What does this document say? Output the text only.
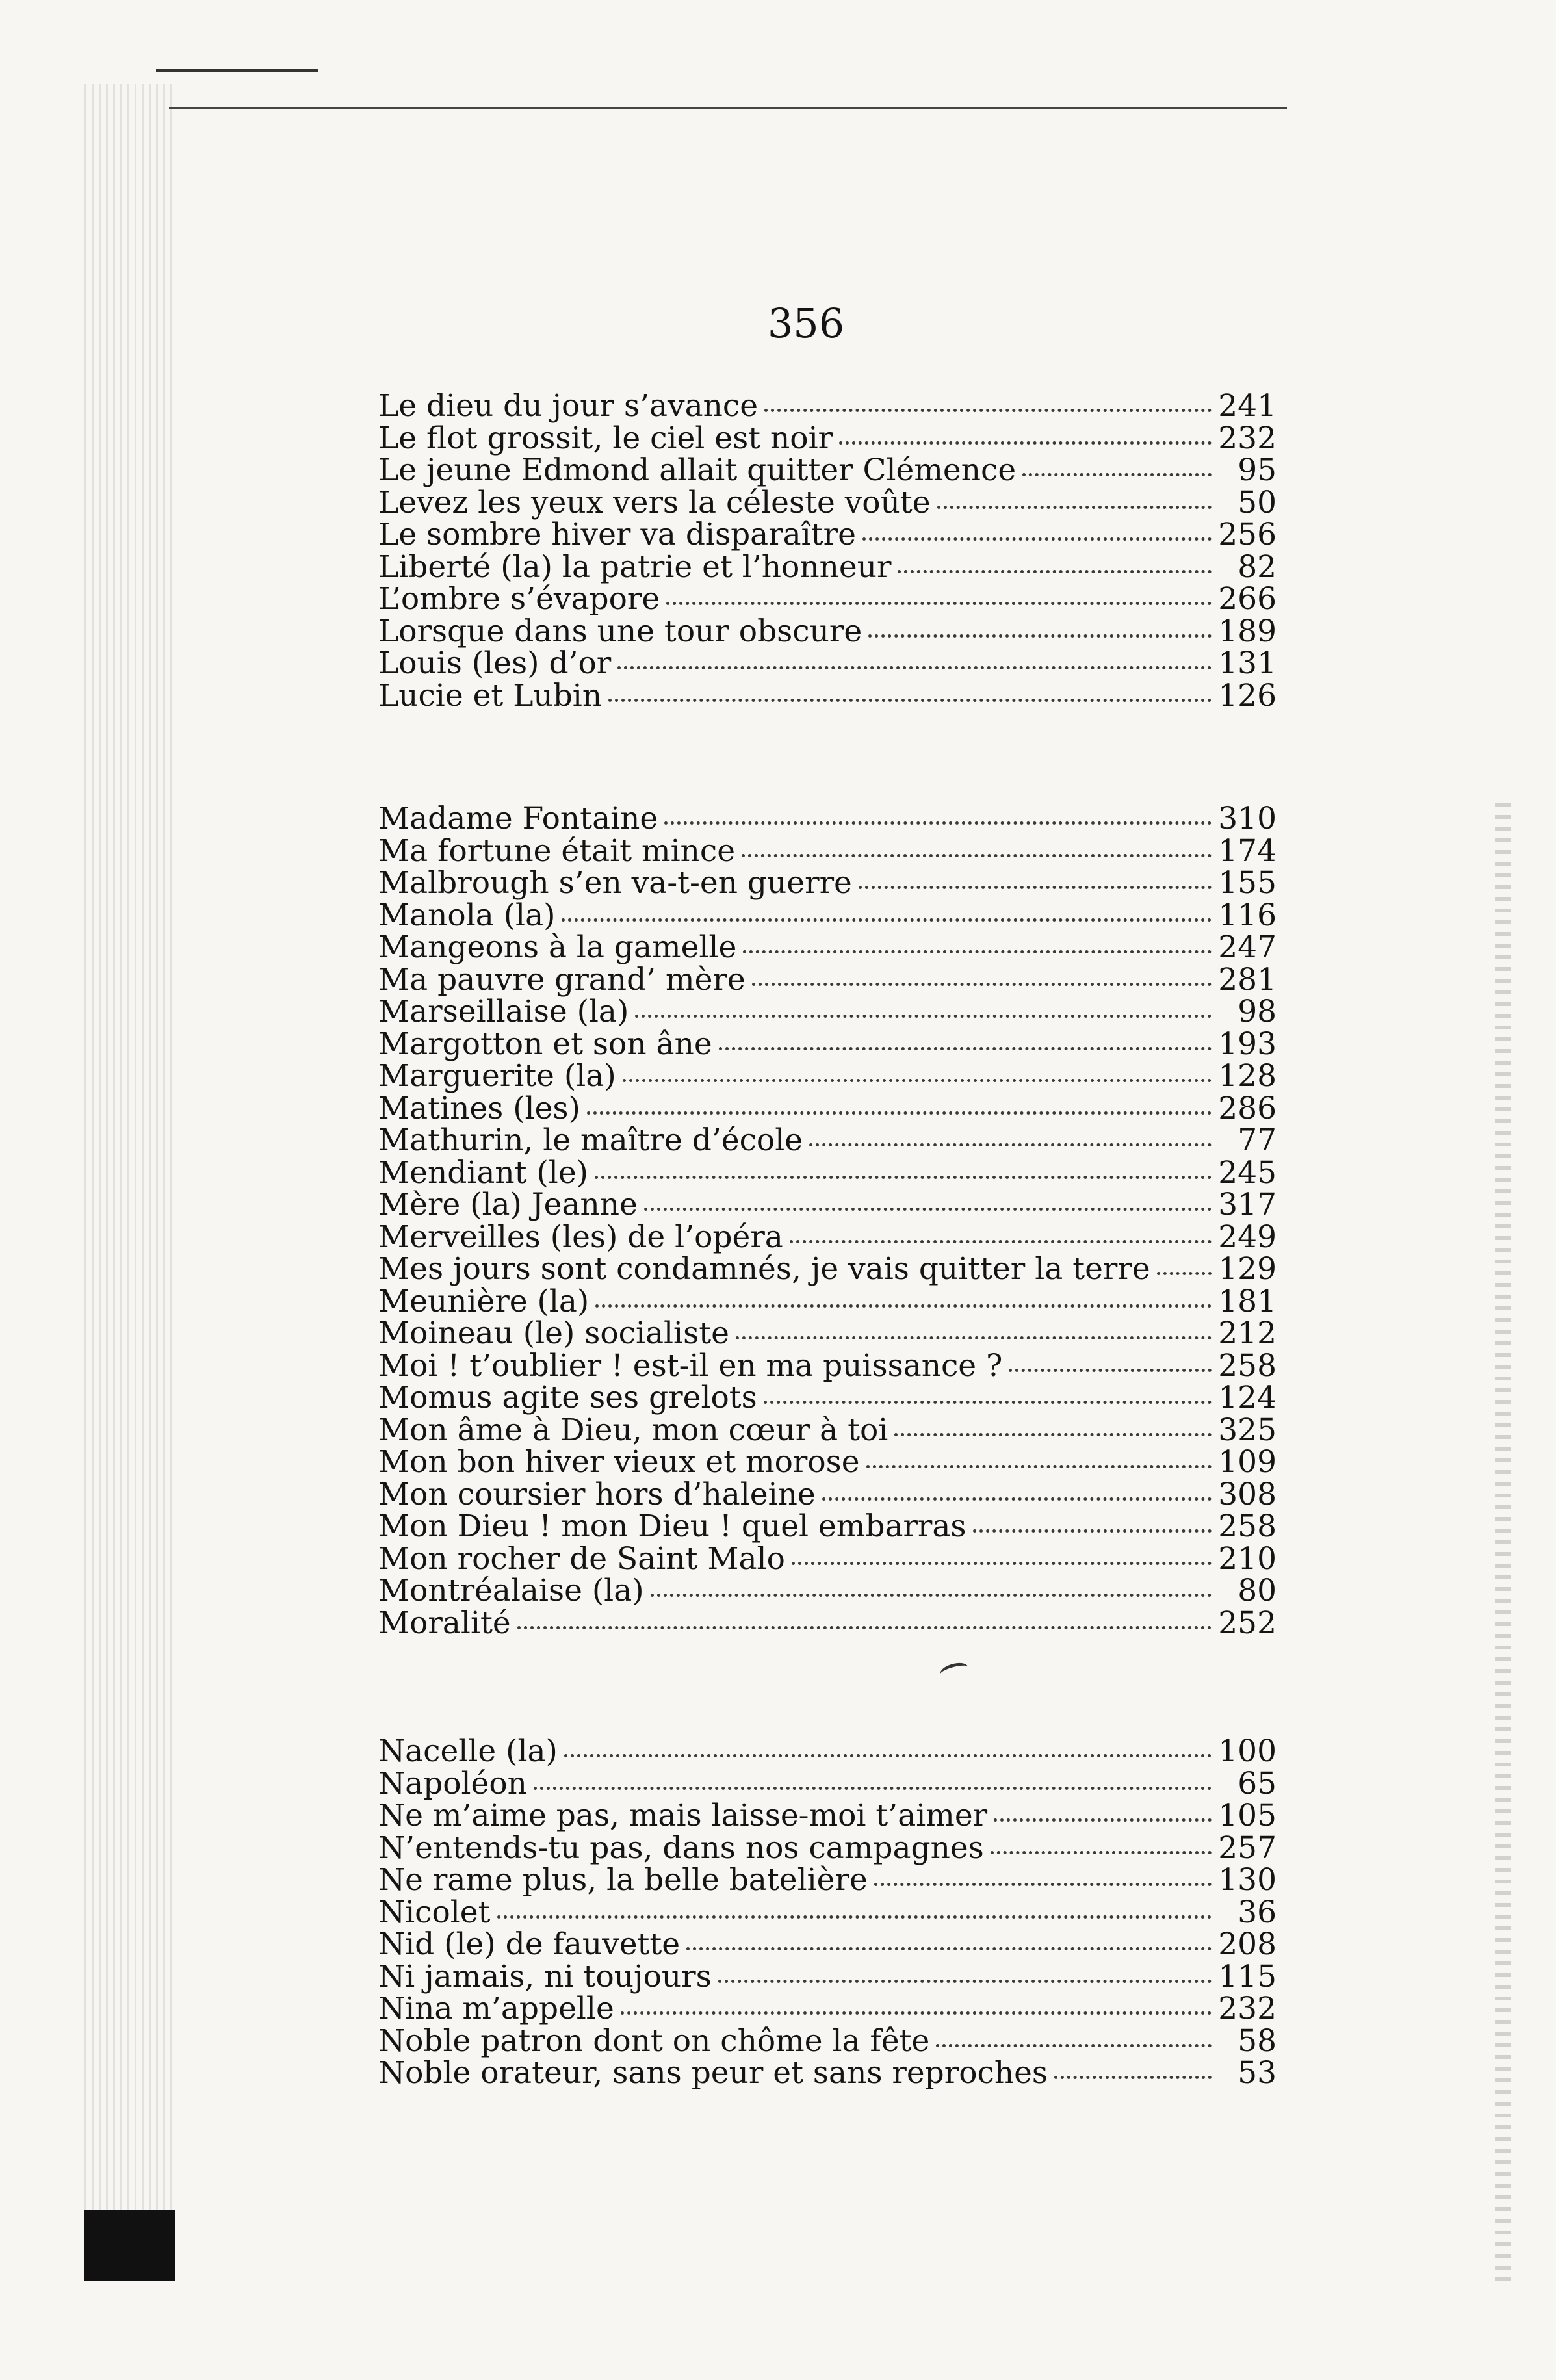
356
Le dieu du jour s’avance	241
Le flot grossit, le ciel est noir	232
Le jeune Edmond allait quitter Clémence	95
Levez les yeux vers la céleste voûte	50
Le sombre hiver va disparaître	256
Liberté (la) la patrie et l’honneur	82
L’ombre s’évapore	266
Lorsque dans une tour obscure	189
Louis (les) d’or	131
Lucie et Lubin	126
Madame Fontaine	310
Ma fortune était mince	174
Malbrough s’en va-t-en guerre	155
Manola (la)	116
Mangeons à la gamelle	247
Ma pauvre grand’ mère	281
Marseillaise (la)	98
Margotton et son âne	193
Marguerite (la)	128
Matines (les)	286
Mathurin, le maître d’école	77
Mendiant (le)	245
Mère (la) Jeanne	317
Merveilles (les) de l’opéra	249
Mes jours sont condamnés, je vais quitter la terre 129
Meunière (la)	181
Moineau (le) socialiste	212
Moi ! t’oublier ! est-il en ma puissance ?	258
Momus agite ses grelots	124
Mon âme à Dieu, mon cœur à toi	325
Mon bon hiver vieux et morose	109
Mon coursier hors d’haleine	308
Mon Dieu ! mon Dieu ! quel embarras	258
Mon rocher de Saint Malo	210
Montréalaise (la)	80
Moralité	252
Nacelle (la)	100
Napoléon	65
Ne m’aime pas, mais laisse-moi t’aimer	105
N’entends-tu pas, dans nos campagnes	257
Ne rame plus, la belle batelière	130
Nicolet	36
Nid (le) de fauvette	208
Ni jamais, ni toujours	115
Nina m’appelle	232
Noble patron dont on chôme la fête	58
Noble orateur, sans peur et sans reproches	53
